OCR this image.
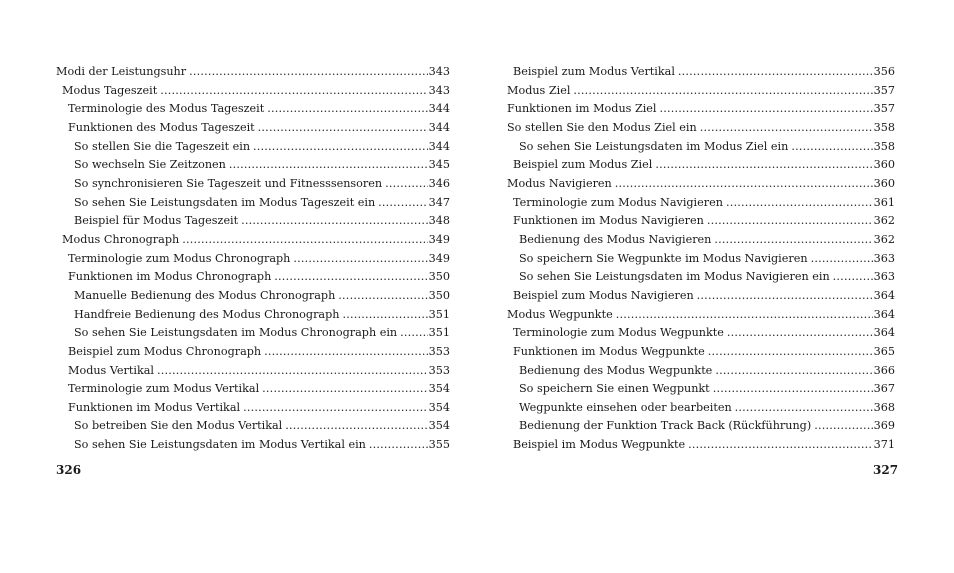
Modi der Leistungsuhr .....	343
Modus Tageszeit .....	343
Terminologie des Modus Tageszeit .....	344
Funktionen des Modus Tageszeit .....	344
So stellen Sie die Tageszeit ein .....	344
So wechseln Sie Zeitzonen .....	345
So synchronisieren Sie Tageszeit und Fitnesssensoren .....	346
So sehen Sie Leistungsdaten im Modus Tageszeit ein .....	347
Beispiel für Modus Tageszeit .....	348
Modus Chronograph .....	349
Terminologie zum Modus Chronograph .....	349
Funktionen im Modus Chronograph .....	350
Manuelle Bedienung des Modus Chronograph .....	350
Handfreie Bedienung des Modus Chronograph .....	351
So sehen Sie Leistungsdaten im Modus Chronograph ein .....	351
Beispiel zum Modus Chronograph .....	353
Modus Vertikal .....	353
Terminologie zum Modus Vertikal .....	354
Funktionen im Modus Vertikal .....	354
So betreiben Sie den Modus Vertikal .....	354
So sehen Sie Leistungsdaten im Modus Vertikal ein .....	355
Beispiel zum Modus Vertikal .....	356
Modus Ziel .....	357
Funktionen im Modus Ziel .....	357
So stellen Sie den Modus Ziel ein .....	358
So sehen Sie Leistungsdaten im Modus Ziel ein .....	358
Beispiel zum Modus Ziel .....	360
Modus Navigieren .....	360
Terminologie zum Modus Navigieren .....	361
Funktionen im Modus Navigieren .....	362
Bedienung des Modus Navigieren .....	362
So speichern Sie Wegpunkte im Modus Navigieren .....	363
So sehen Sie Leistungsdaten im Modus Navigieren ein .....	363
Beispiel zum Modus Navigieren .....	364
Modus Wegpunkte .....	364
Terminologie zum Modus Wegpunkte .....	364
Funktionen im Modus Wegpunkte .....	365
Bedienung des Modus Wegpunkte .....	366
So speichern Sie einen Wegpunkt .....	367
Wegpunkte einsehen oder bearbeiten .....	368
Bedienung der Funktion Track Back (Rückführung) .....	369
Beispiel im Modus Wegpunkte .....	371
326	327
